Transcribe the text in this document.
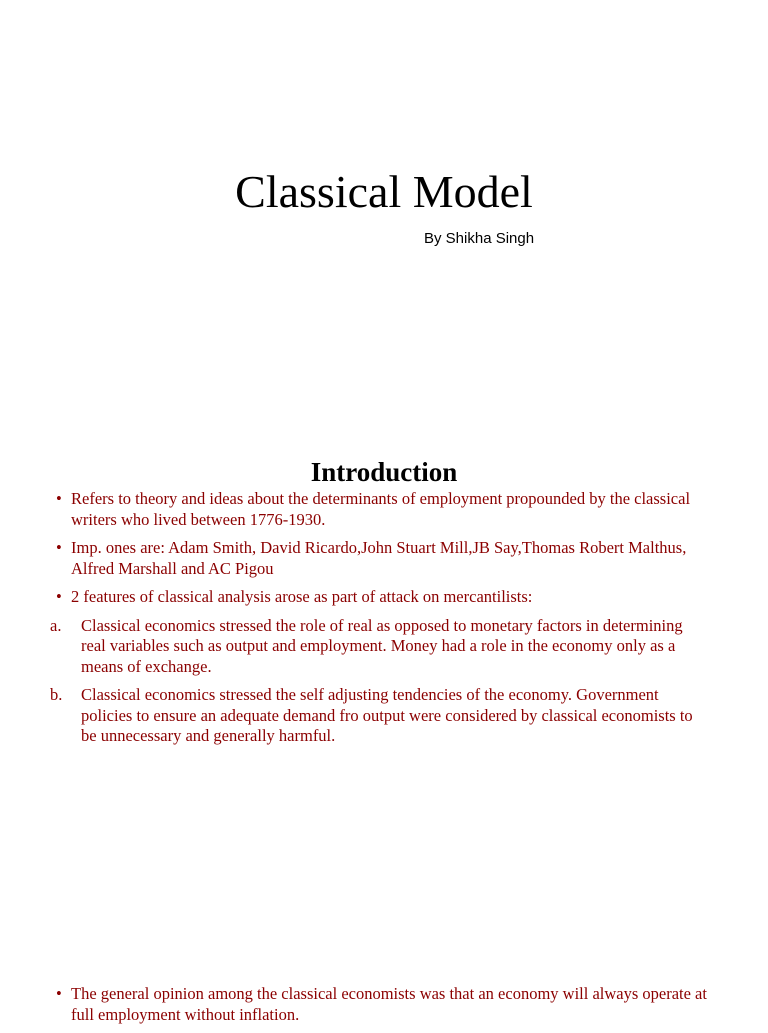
Classical Model
By Shikha Singh
Introduction
• Refers to theory and ideas about the determinants of employment propounded by the classical writers who lived between 1776-1930.
• Imp. ones are: Adam Smith, David Ricardo,John Stuart Mill,JB Say,Thomas Robert Malthus, Alfred Marshall and AC Pigou
• 2 features of classical analysis arose as part of attack on mercantilists:
a. Classical economics stressed the role of real as opposed to monetary factors in determining real variables such as output and employment. Money had a role in the economy only as a means of exchange.
b. Classical economics stressed the self adjusting tendencies of the economy. Government policies to ensure an adequate demand fro output were considered by classical economists to be unnecessary and generally harmful.
• The general opinion among the classical economists was that an economy will always operate at full employment without inflation.
